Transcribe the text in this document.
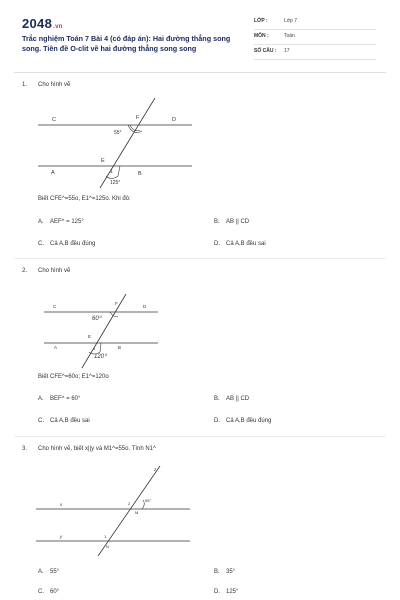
2048.vn
Trắc nghiệm Toán 7 Bài 4 (có đáp án): Hai đường thẳng song song. Tiên đề O-clit về hai đường thẳng song song
LỚP :	Lớp 7
MÔN :	Toán
SỐ CÂU : 17
1. Cho hình vẽ
C	F	D
55°
E
A	1	B
125°
Biết CFE^=55o, E1^=125o. Khi đó:
A. AEF^ = 125°	B. AB || CD
C. Cả A,B đều đúng	D. Cả A,B đều sai
2. Cho hình vẽ
C
F
D
60⁰
E
A	1	B
120⁰
Biết CFE^=60o; E1^=120o
A. BEF^ = 60°	B. AB || CD
C. Cả A,B đều sai	D. Cả A,B đều đúng
3. Cho hình vẽ, biết x||y và M1^=55o. Tính N1^
x
y
z
2
55°
M
1
N
A. 55°	B. 35°
C. 60°	D. 125°
